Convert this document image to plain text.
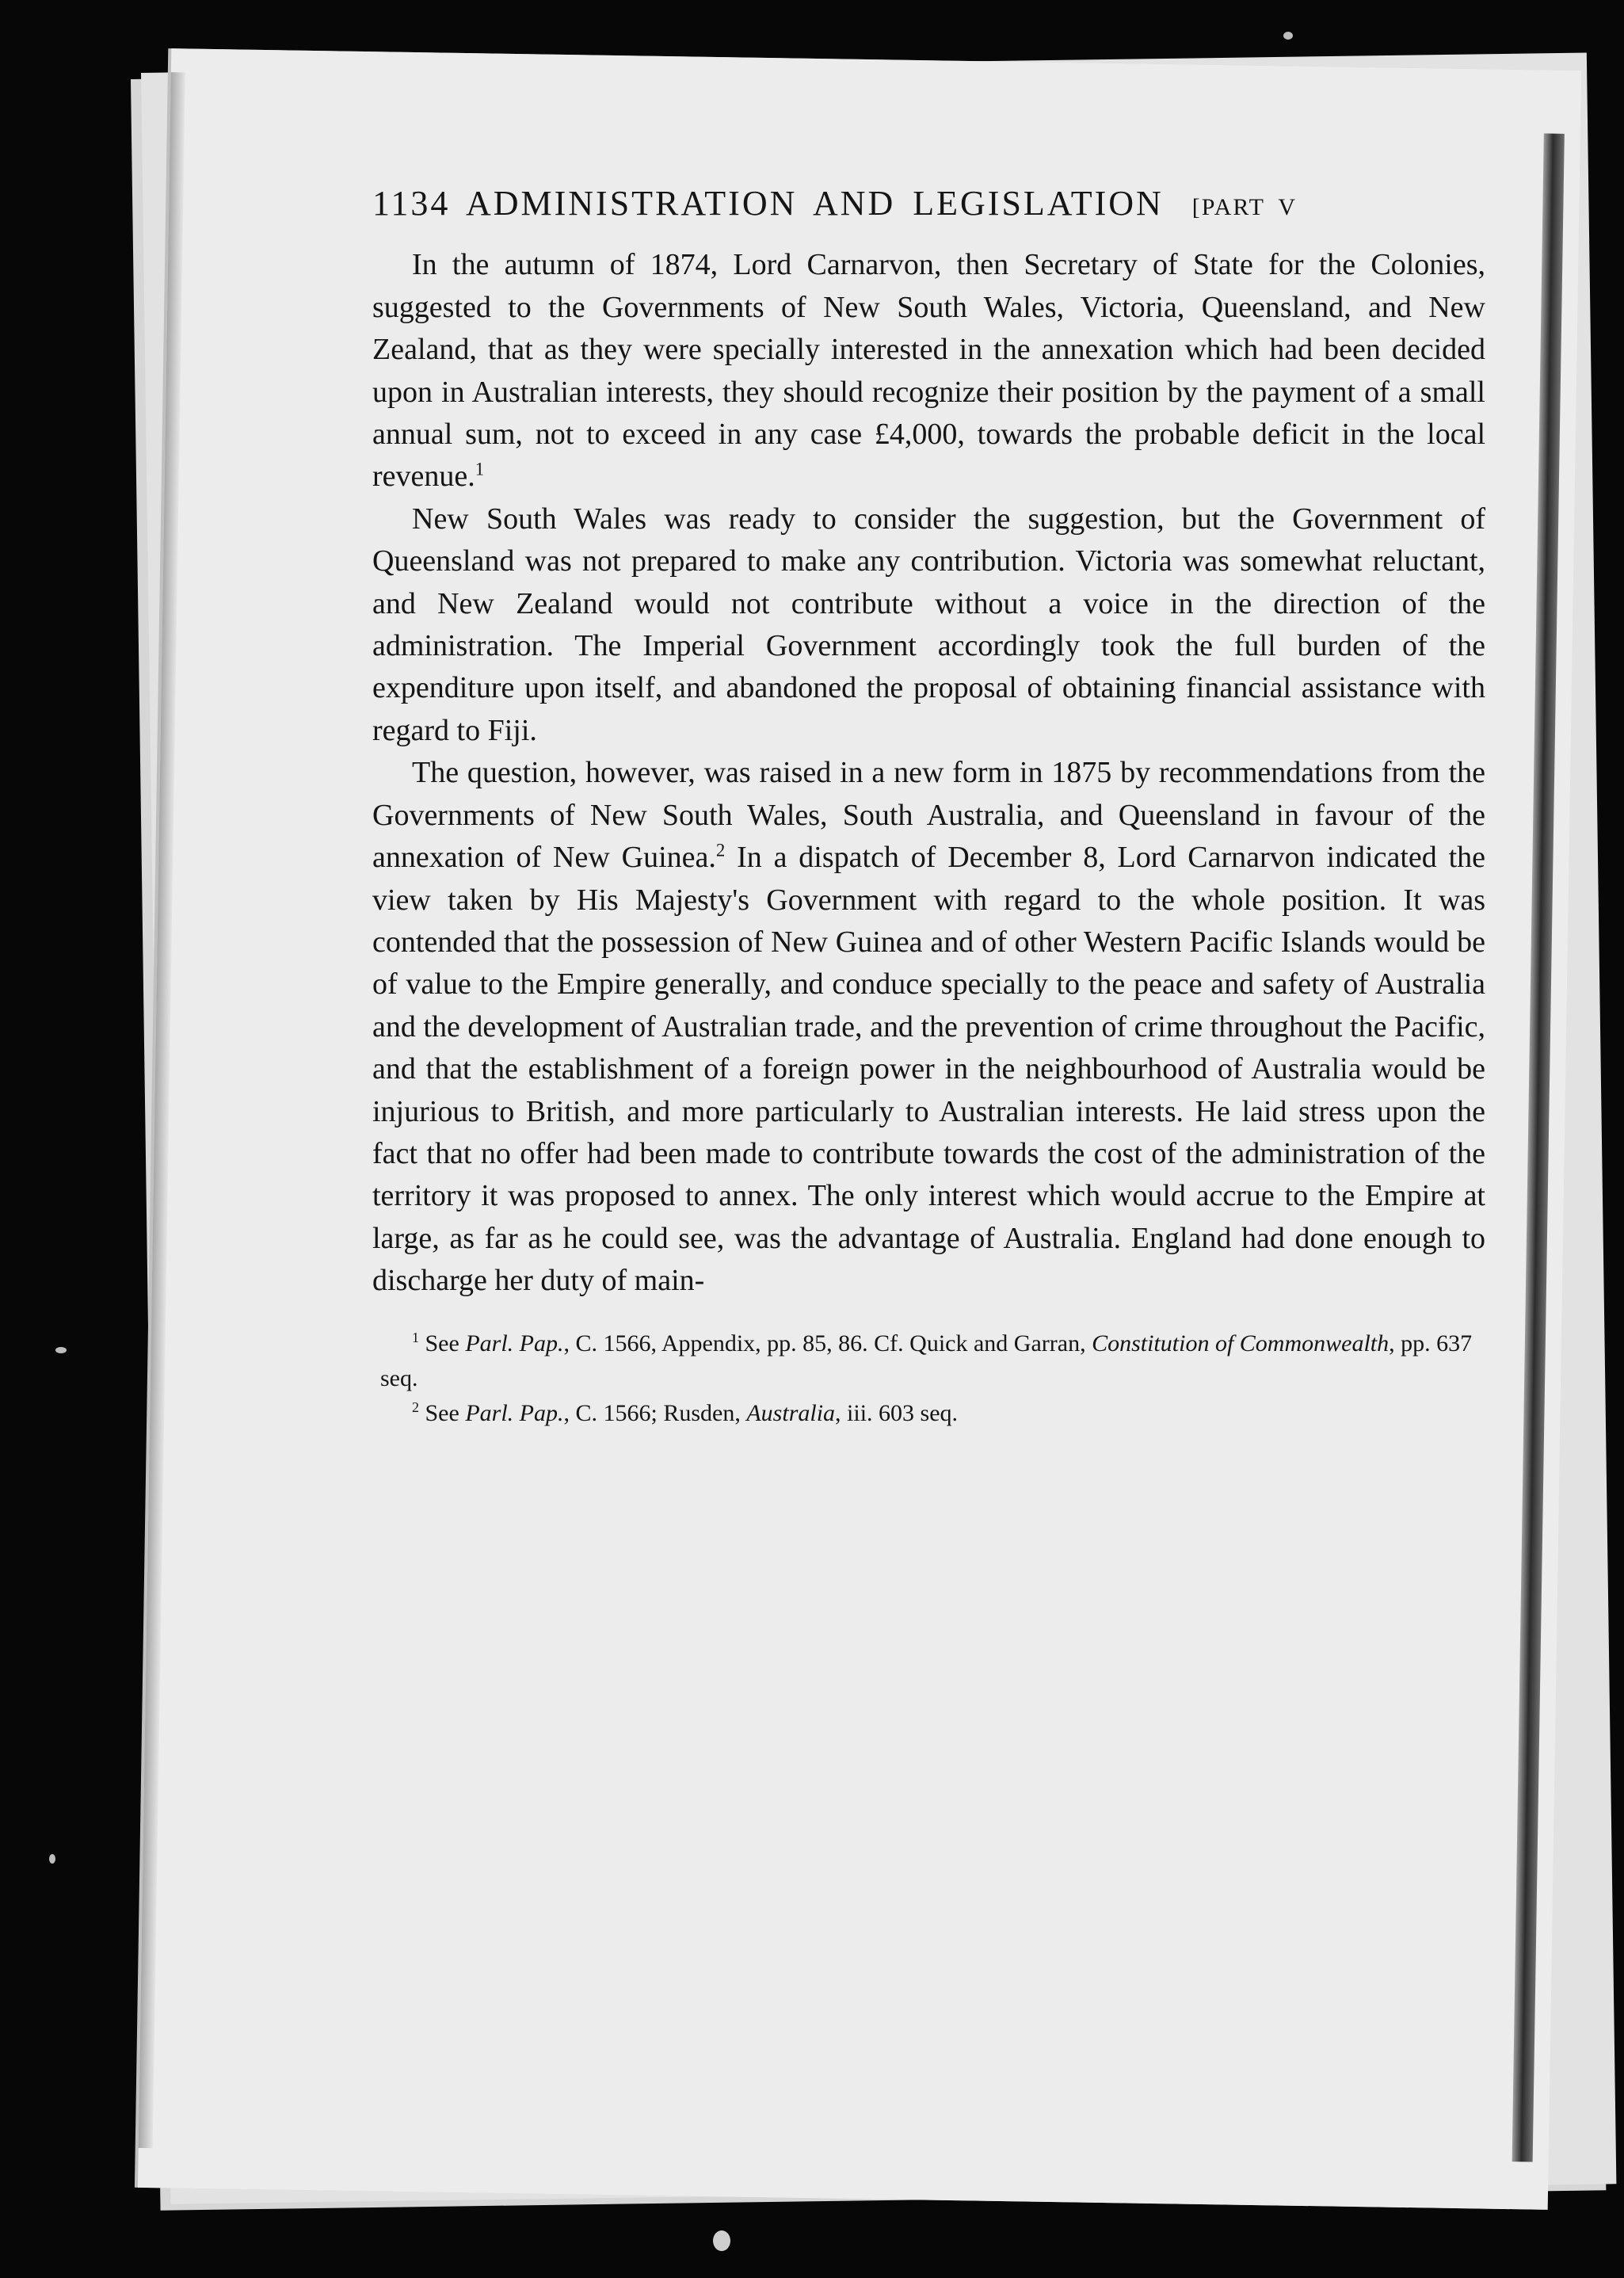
1134 ADMINISTRATION AND LEGISLATION [PART V

In the autumn of 1874, Lord Carnarvon, then Secretary of State for the Colonies, suggested to the Governments of New South Wales, Victoria, Queensland, and New Zealand, that as they were specially interested in the annexation which had been decided upon in Australian interests, they should recognize their position by the payment of a small annual sum, not to exceed in any case £4,000, towards the probable deficit in the local revenue.$^1$

New South Wales was ready to consider the suggestion, but the Government of Queensland was not prepared to make any contribution. Victoria was somewhat reluctant, and New Zealand would not contribute without a voice in the direction of the administration. The Imperial Government accordingly took the full burden of the expenditure upon itself, and abandoned the proposal of obtaining financial assistance with regard to Fiji.

The question, however, was raised in a new form in 1875 by recommendations from the Governments of New South Wales, South Australia, and Queensland in favour of the annexation of New Guinea.$^2$ In a dispatch of December 8, Lord Carnarvon indicated the view taken by His Majesty's Government with regard to the whole position. It was contended that the possession of New Guinea and of other Western Pacific Islands would be of value to the Empire generally, and conduce specially to the peace and safety of Australia and the development of Australian trade, and the prevention of crime throughout the Pacific, and that the establishment of a foreign power in the neighbourhood of Australia would be injurious to British, and more particularly to Australian interests. He laid stress upon the fact that no offer had been made to contribute towards the cost of the administration of the territory it was proposed to annex. The only interest which would accrue to the Empire at large, as far as he could see, was the advantage of Australia. England had done enough to discharge her duty of main-

$^1$ See Parl. Pap., C. 1566, Appendix, pp. 85, 86. Cf. Quick and Garran, Constitution of Commonwealth, pp. 637 seq.

$^2$ See Parl. Pap., C. 1566; Rusden, Australia, iii. 603 seq.
